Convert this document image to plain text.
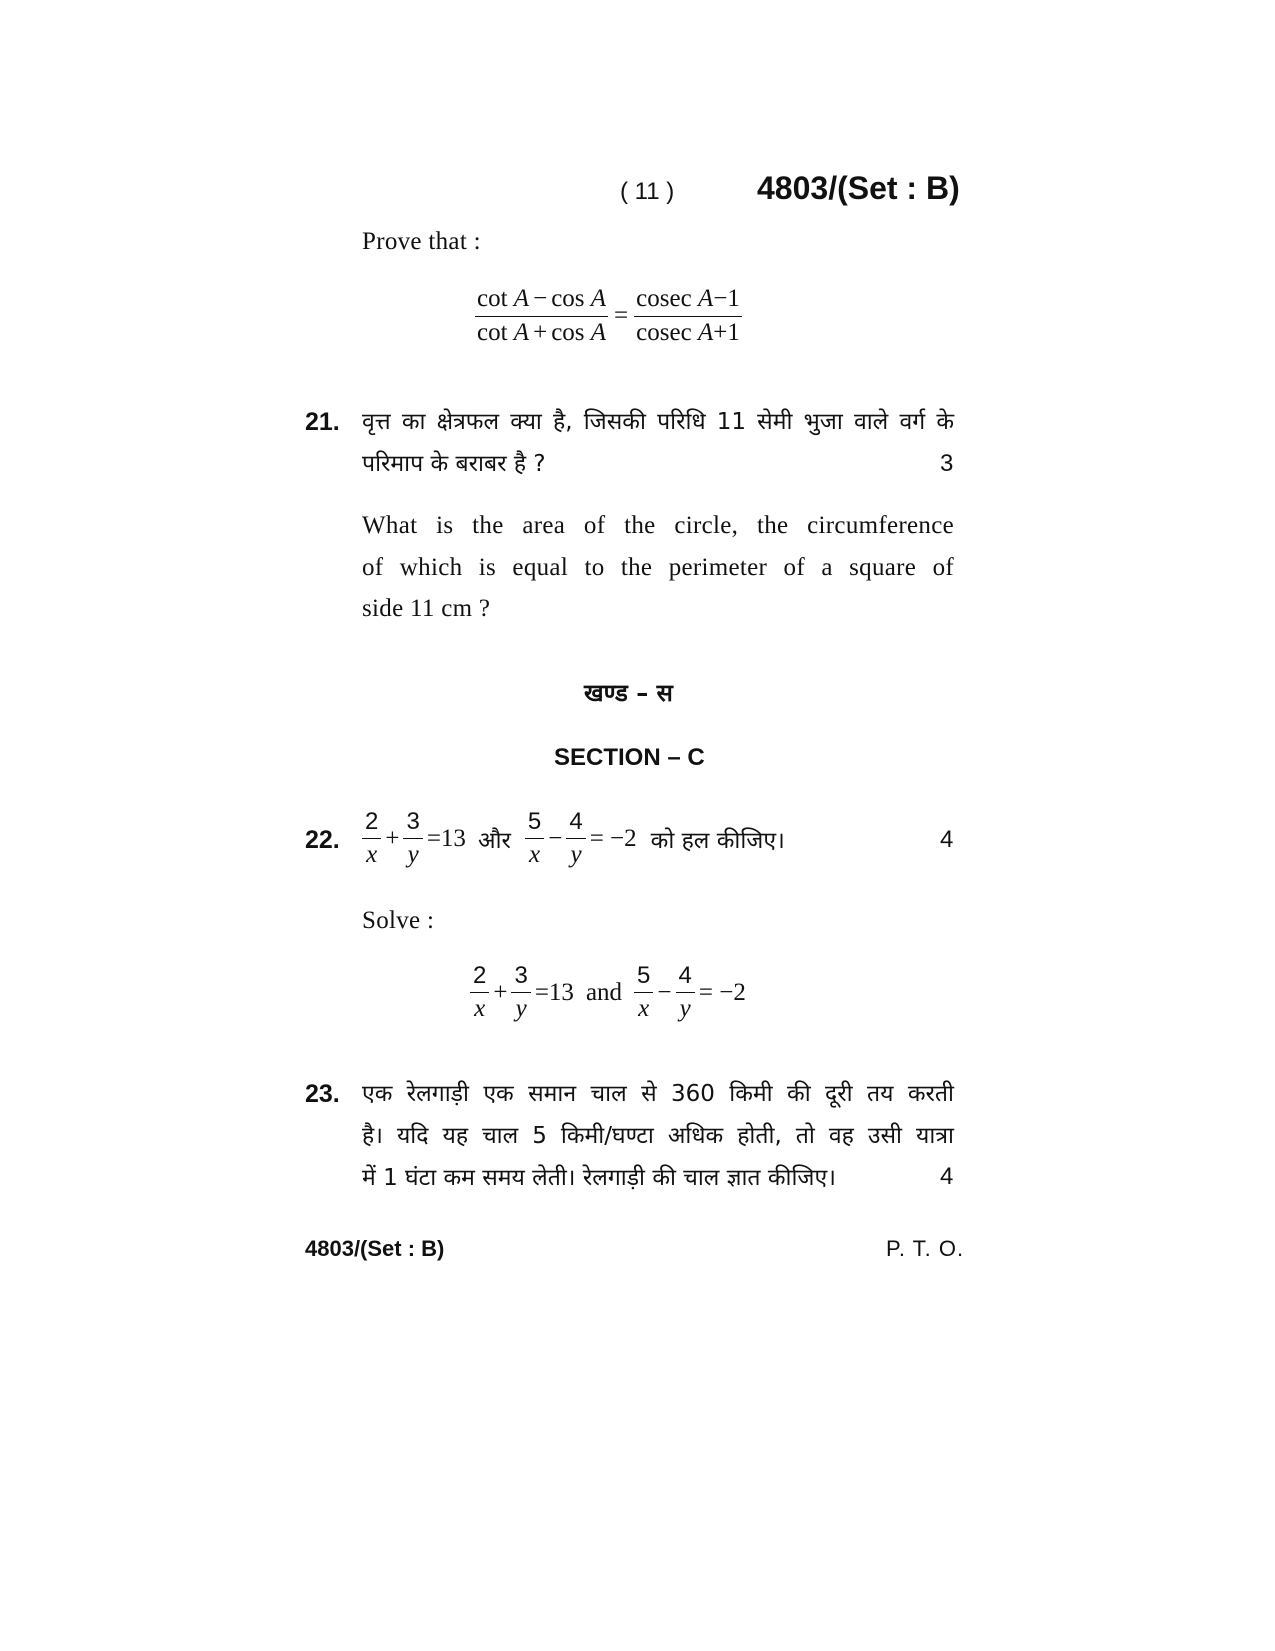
( 11 )	4803/(Set : B)
Prove that :
$\frac{\text{cot A − cos A}}{\text{cot A + cos A}} = \frac{\text{cosec A−1}}{\text{cosec A+1}}$
21. वृत्त का क्षेत्रफल क्या है, जिसकी परिधि 11 सेमी भुजा वाले वर्ग के
परिमाप के बराबर है ?	3
What is the area of the circle, the circumference
of which is equal to the perimeter of a square of
side 11 cm ?
खण्ड – स
SECTION – C
22. $\frac{2}{x} + \frac{3}{y} =13$ और $\frac{5}{x} - \frac{4}{y} = -2$ को हल कीजिए।	4
Solve :
$\frac{2}{x} + \frac{3}{y} =13$ and $\frac{5}{x} - \frac{4}{y} = -2$
23. एक रेलगाड़ी एक समान चाल से 360 किमी की दूरी तय करती
है। यदि यह चाल 5 किमी/घण्टा अधिक होती, तो वह उसी यात्रा
में 1 घंटा कम समय लेती। रेलगाड़ी की चाल ज्ञात कीजिए।	4
4803/(Set : B)	P. T. O.
